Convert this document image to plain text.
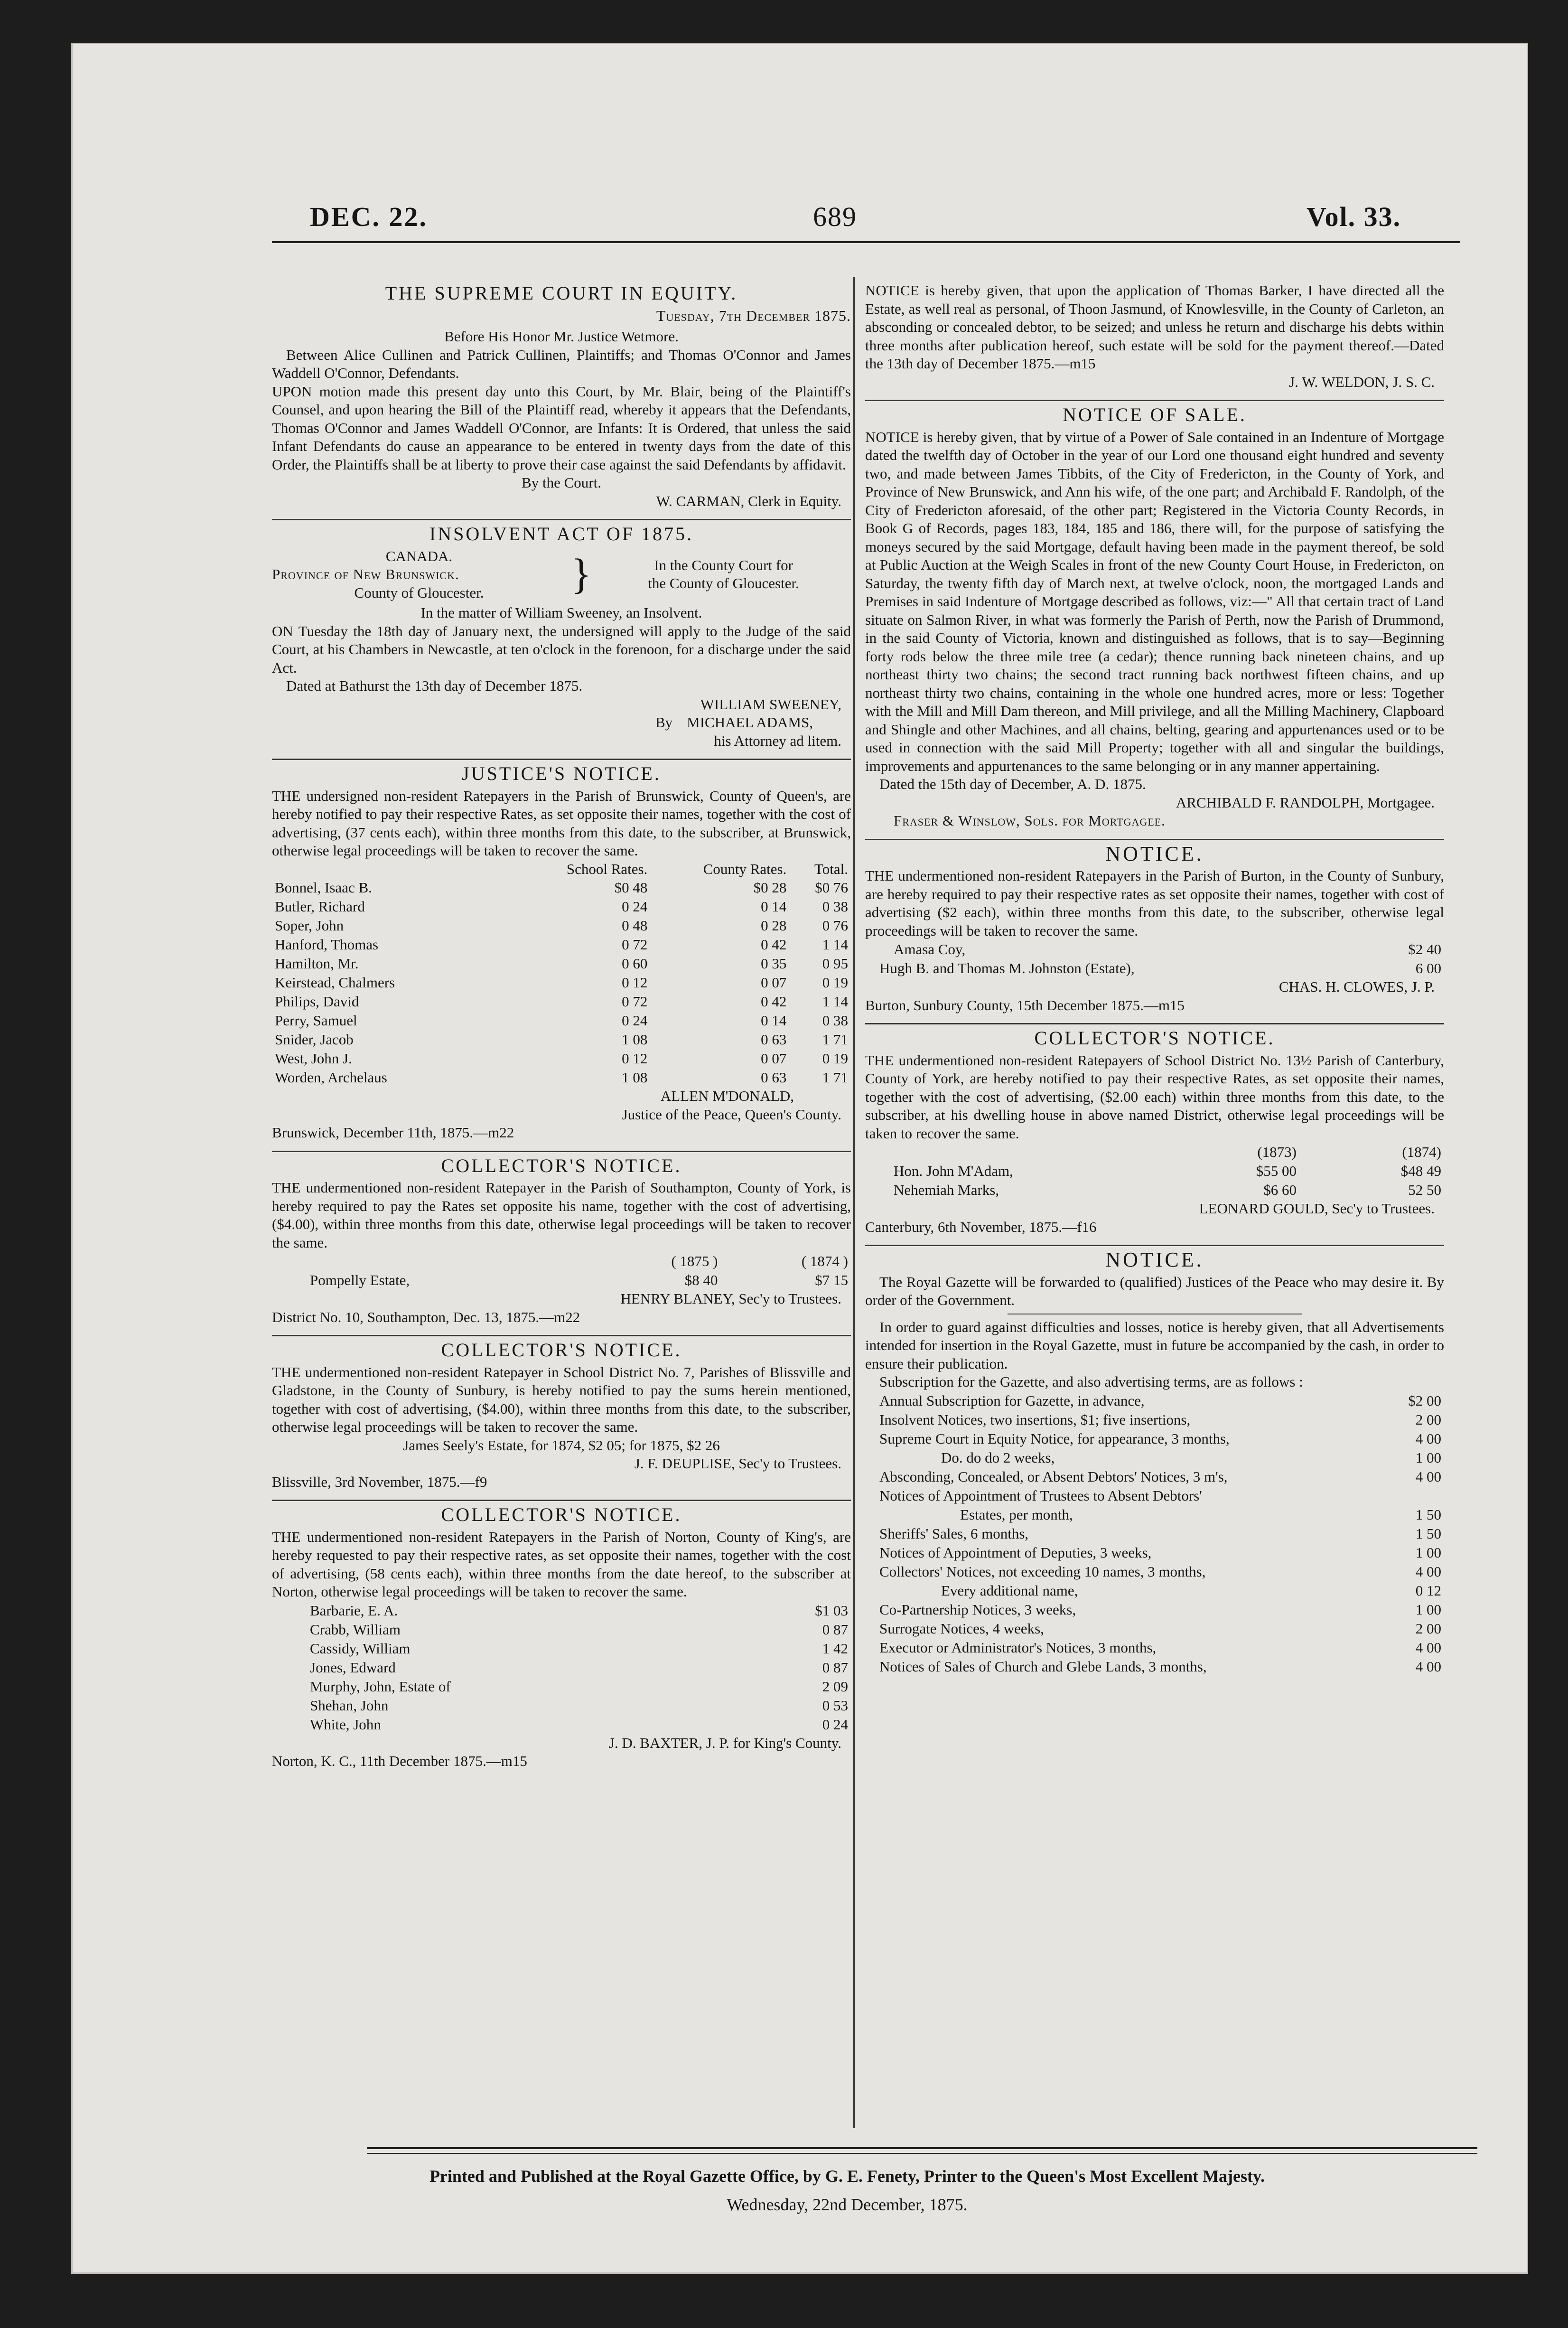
DEC. 22.	689	Vol. 33.
THE SUPREME COURT IN EQUITY.
Tuesday, 7th December 1875.
Before His Honor Mr. Justice Wetmore.
Between Alice Cullinen and Patrick Cullinen, Plaintiffs; and Thomas O'Connor and James Waddell O'Connor, Defendants.
UPON motion made this present day unto this Court, by Mr. Blair, being of the Plaintiff's Counsel, and upon hearing the Bill of the Plaintiff read, whereby it appears that the Defendants, Thomas O'Connor and James Waddell O'Connor, are Infants: It is Ordered, that unless the said Infant Defendants do cause an appearance to be entered in twenty days from the date of this Order, the Plaintiffs shall be at liberty to prove their case against the said Defendants by affidavit.
By the Court.
W. CARMAN, Clerk in Equity.
INSOLVENT ACT OF 1875.
CANADA.
Province of New Brunswick.
County of Gloucester.	}	In the County Court for
the County of Gloucester.
In the matter of William Sweeney, an Insolvent.
ON Tuesday the 18th day of January next, the undersigned will apply to the Judge of the said Court, at his Chambers in Newcastle, at ten o'clock in the forenoon, for a discharge under the said Act.
Dated at Bathurst the 13th day of December 1875.
WILLIAM SWEENEY,
By MICHAEL ADAMS,
his Attorney ad litem.
JUSTICE'S NOTICE.
THE undersigned non-resident Ratepayers in the Parish of Brunswick, County of Queen's, are hereby notified to pay their respective Rates, as set opposite their names, together with the cost of advertising, (37 cents each), within three months from this date, to the subscriber, at Brunswick, otherwise legal proceedings will be taken to recover the same.
	School Rates.	County Rates.	Total.
Bonnel, Isaac B.	$0 48	$0 28	$0 76
Butler, Richard	0 24	0 14	0 38
Soper, John	0 48	0 28	0 76
Hanford, Thomas	0 72	0 42	1 14
Hamilton, Mr.	0 60	0 35	0 95
Keirstead, Chalmers	0 12	0 07	0 19
Philips, David	0 72	0 42	1 14
Perry, Samuel	0 24	0 14	0 38
Snider, Jacob	1 08	0 63	1 71
West, John J.	0 12	0 07	0 19
Worden, Archelaus	1 08	0 63	1 71
ALLEN M'DONALD,
Justice of the Peace, Queen's County.
Brunswick, December 11th, 1875.—m22
COLLECTOR'S NOTICE.
THE undermentioned non-resident Ratepayer in the Parish of Southampton, County of York, is hereby required to pay the Rates set opposite his name, together with the cost of advertising, ($4.00), within three months from this date, otherwise legal proceedings will be taken to recover the same.
	( 1875 )	( 1874 )
Pompelly Estate,	$8 40	$7 15
HENRY BLANEY, Sec'y to Trustees.
District No. 10, Southampton, Dec. 13, 1875.—m22
COLLECTOR'S NOTICE.
THE undermentioned non-resident Ratepayer in School District No. 7, Parishes of Blissville and Gladstone, in the County of Sunbury, is hereby notified to pay the sums herein mentioned, together with cost of advertising, ($4.00), within three months from this date, to the subscriber, otherwise legal proceedings will be taken to recover the same.
James Seely's Estate, for 1874, $2 05; for 1875, $2 26
J. F. DEUPLISE, Sec'y to Trustees.
Blissville, 3rd November, 1875.—f9
COLLECTOR'S NOTICE.
THE undermentioned non-resident Ratepayers in the Parish of Norton, County of King's, are hereby requested to pay their respective rates, as set opposite their names, together with the cost of advertising, (58 cents each), within three months from the date hereof, to the subscriber at Norton, otherwise legal proceedings will be taken to recover the same.
Barbarie, E. A.	$1 03
Crabb, William	0 87
Cassidy, William	1 42
Jones, Edward	0 87
Murphy, John, Estate of	2 09
Shehan, John	0 53
White, John	0 24
J. D. BAXTER, J. P. for King's County.
Norton, K. C., 11th December 1875.—m15
NOTICE is hereby given, that upon the application of Thomas Barker, I have directed all the Estate, as well real as personal, of Thoon Jasmund, of Knowlesville, in the County of Carleton, an absconding or concealed debtor, to be seized; and unless he return and discharge his debts within three months after publication hereof, such estate will be sold for the payment thereof.—Dated the 13th day of December 1875.—m15
J. W. WELDON, J. S. C.
NOTICE OF SALE.
NOTICE is hereby given, that by virtue of a Power of Sale contained in an Indenture of Mortgage dated the twelfth day of October in the year of our Lord one thousand eight hundred and seventy two, and made between James Tibbits, of the City of Fredericton, in the County of York, and Province of New Brunswick, and Ann his wife, of the one part; and Archibald F. Randolph, of the City of Fredericton aforesaid, of the other part; Registered in the Victoria County Records, in Book G of Records, pages 183, 184, 185 and 186, there will, for the purpose of satisfying the moneys secured by the said Mortgage, default having been made in the payment thereof, be sold at Public Auction at the Weigh Scales in front of the new County Court House, in Fredericton, on Saturday, the twenty fifth day of March next, at twelve o'clock, noon, the mortgaged Lands and Premises in said Indenture of Mortgage described as follows, viz:—" All that certain tract of Land situate on Salmon River, in what was formerly the Parish of Perth, now the Parish of Drummond, in the said County of Victoria, known and distinguished as follows, that is to say—Beginning forty rods below the three mile tree (a cedar); thence running back nineteen chains, and up northeast thirty two chains; the second tract running back northwest fifteen chains, and up northeast thirty two chains, containing in the whole one hundred acres, more or less: Together with the Mill and Mill Dam thereon, and Mill privilege, and all the Milling Machinery, Clapboard and Shingle and other Machines, and all chains, belting, gearing and appurtenances used or to be used in connection with the said Mill Property; together with all and singular the buildings, improvements and appurtenances to the same belonging or in any manner appertaining.
Dated the 15th day of December, A. D. 1875.
ARCHIBALD F. RANDOLPH, Mortgagee.
Fraser & Winslow, Sols. for Mortgagee.
NOTICE.
THE undermentioned non-resident Ratepayers in the Parish of Burton, in the County of Sunbury, are hereby required to pay their respective rates as set opposite their names, together with cost of advertising ($2 each), within three months from this date, to the subscriber, otherwise legal proceedings will be taken to recover the same.
Amasa Coy,	$2 40
Hugh B. and Thomas M. Johnston (Estate),	6 00
CHAS. H. CLOWES, J. P.
Burton, Sunbury County, 15th December 1875.—m15
COLLECTOR'S NOTICE.
THE undermentioned non-resident Ratepayers of School District No. 13½ Parish of Canterbury, County of York, are hereby notified to pay their respective Rates, as set opposite their names, together with the cost of advertising, ($2.00 each) within three months from this date, to the subscriber, at his dwelling house in above named District, otherwise legal proceedings will be taken to recover the same.
	(1873)	(1874)
Hon. John M'Adam,	$55 00	$48 49
Nehemiah Marks,	$6 60	52 50
LEONARD GOULD, Sec'y to Trustees.
Canterbury, 6th November, 1875.—f16
NOTICE.
The Royal Gazette will be forwarded to (qualified) Justices of the Peace who may desire it. By order of the Government.
In order to guard against difficulties and losses, notice is hereby given, that all Advertisements intended for insertion in the Royal Gazette, must in future be accompanied by the cash, in order to ensure their publication.
Subscription for the Gazette, and also advertising terms, are as follows :
Annual Subscription for Gazette, in advance,	$2 00
Insolvent Notices, two insertions, $1; five insertions,	2 00
Supreme Court in Equity Notice, for appearance, 3 months,	4 00
Do. do do 2 weeks,	1 00
Absconding, Concealed, or Absent Debtors' Notices, 3 m's,	4 00
Notices of Appointment of Trustees to Absent Debtors'	
Estates, per month,	1 50
Sheriffs' Sales, 6 months,	1 50
Notices of Appointment of Deputies, 3 weeks,	1 00
Collectors' Notices, not exceeding 10 names, 3 months,	4 00
Every additional name,	0 12
Co-Partnership Notices, 3 weeks,	1 00
Surrogate Notices, 4 weeks,	2 00
Executor or Administrator's Notices, 3 months,	4 00
Notices of Sales of Church and Glebe Lands, 3 months,	4 00
Printed and Published at the Royal Gazette Office, by G. E. Fenety, Printer to the Queen's Most Excellent Majesty.
Wednesday, 22nd December, 1875.
